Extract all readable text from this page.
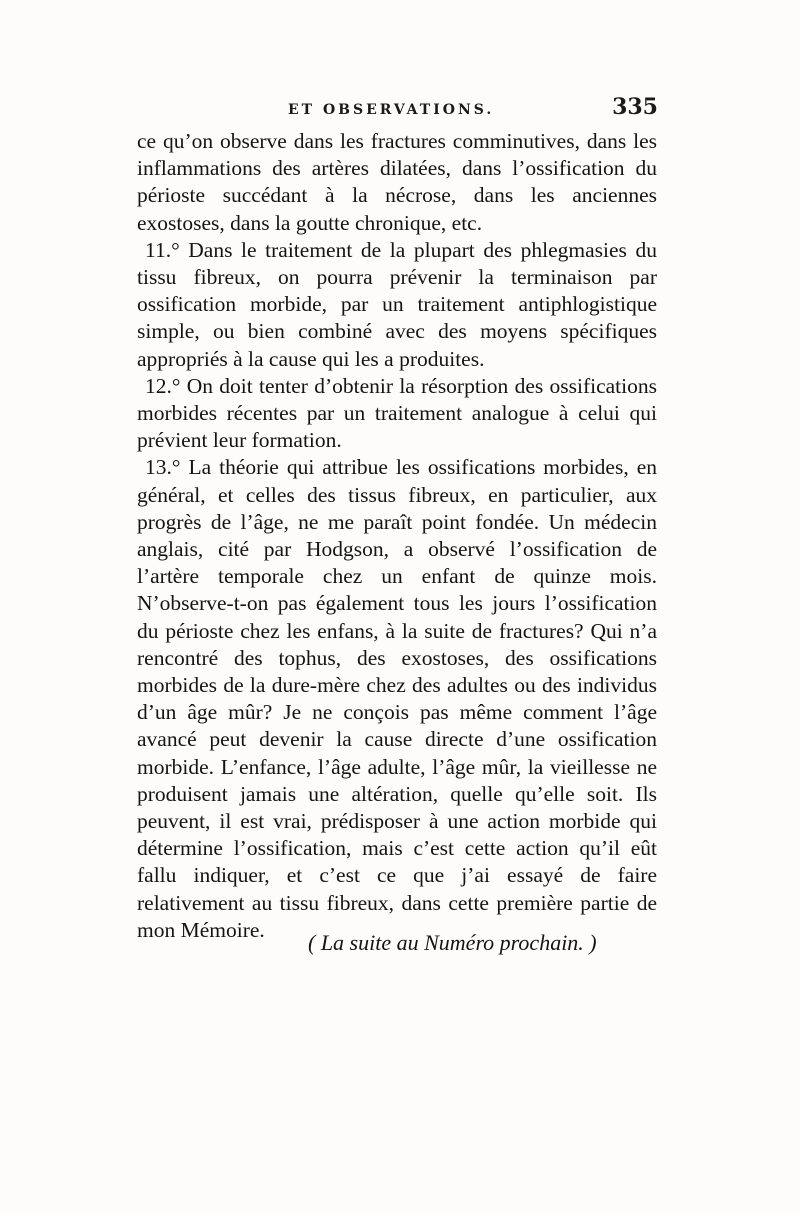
ET OBSERVATIONS.	335

ce qu’on observe dans les fractures comminutives, dans les inflammations des artères dilatées, dans l’ossification du périoste succédant à la nécrose, dans les anciennes exostoses, dans la goutte chronique, etc.

11.° Dans le traitement de la plupart des phlegmasies du tissu fibreux, on pourra prévenir la terminaison par ossification morbide, par un traitement antiphlogistique simple, ou bien combiné avec des moyens spécifiques appropriés à la cause qui les a produites.

12.° On doit tenter d’obtenir la résorption des ossifications morbides récentes par un traitement analogue à celui qui prévient leur formation.

13.° La théorie qui attribue les ossifications morbides, en général, et celles des tissus fibreux, en particulier, aux progrès de l’âge, ne me paraît point fondée. Un médecin anglais, cité par Hodgson, a observé l’ossification de l’artère temporale chez un enfant de quinze mois. N’observe-t-on pas également tous les jours l’ossification du périoste chez les enfans, à la suite de fractures? Qui n’a rencontré des tophus, des exostoses, des ossifications morbides de la dure-mère chez des adultes ou des individus d’un âge mûr? Je ne conçois pas même comment l’âge avancé peut devenir la cause directe d’une ossification morbide. L’enfance, l’âge adulte, l’âge mûr, la vieillesse ne produisent jamais une altération, quelle qu’elle soit. Ils peuvent, il est vrai, prédisposer à une action morbide qui détermine l’ossification, mais c’est cette action qu’il eût fallu indiquer, et c’est ce que j’ai essayé de faire relativement au tissu fibreux, dans cette première partie de mon Mémoire.

( La suite au Numéro prochain. )
